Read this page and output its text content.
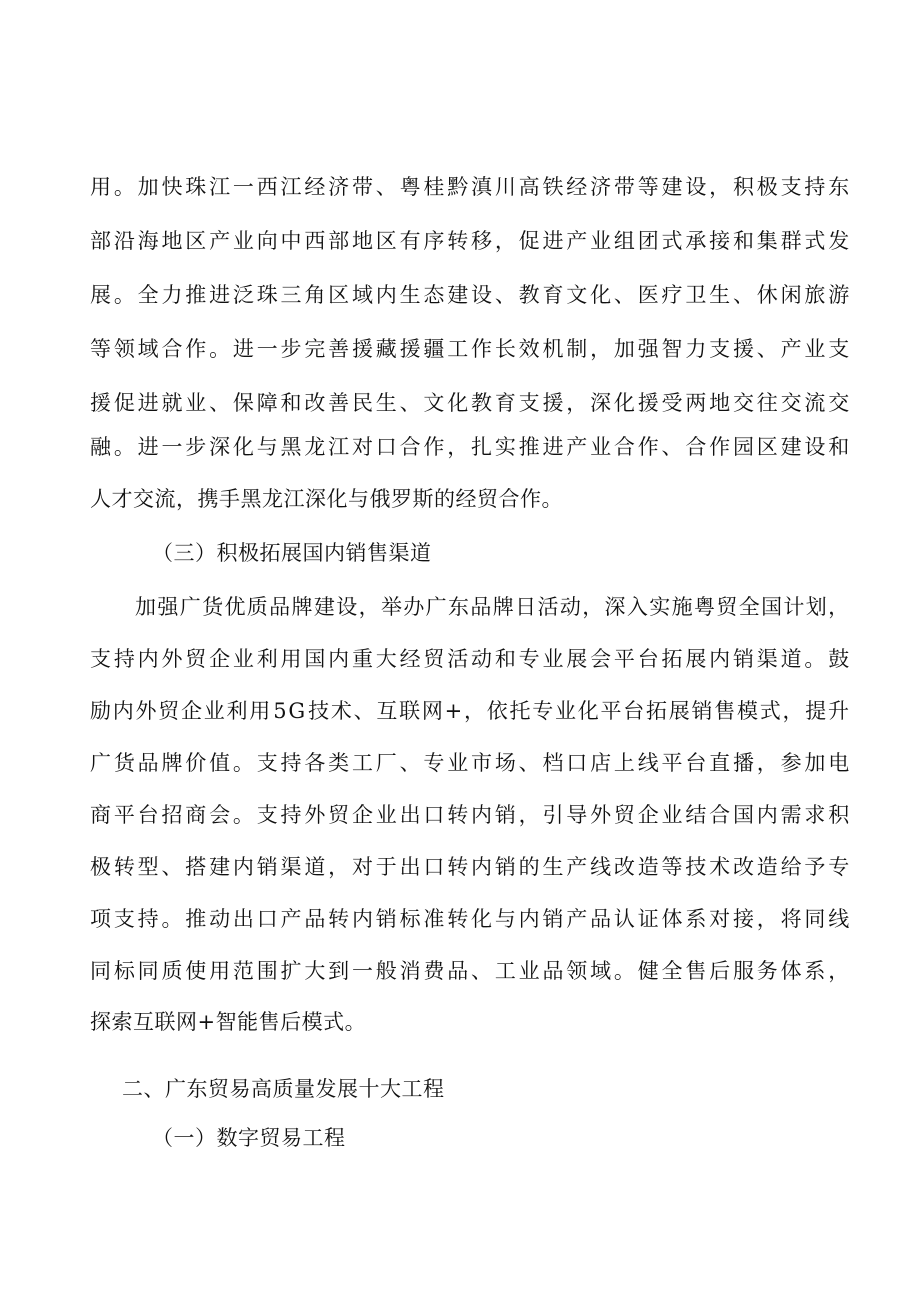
用 。 加 快 珠 江 一 西 江 经 济 带 、 粤 桂 黔 滇 川 高 铁 经 济 带 等 建 设 ， 积 极 支 持 东
部 沿 海 地 区 产 业 向 中 西 部 地 区 有 序 转 移 ， 促 进 产 业 组 团 式 承 接 和 集 群 式 发
展 。 全 力 推 进 泛 珠 三 角 区 域 内 生 态 建 设 、 教 育 文 化 、 医 疗 卫 生 、 休 闲 旅 游
等 领 域 合 作 。 进 一 步 完 善 援 藏 援 疆 工 作 长 效 机 制 ， 加 强 智 力 支 援 、 产 业 支
援 促 进 就 业 、 保 障 和 改 善 民 生 、 文 化 教 育 支 援 ， 深 化 援 受 两 地 交 往 交 流 交
融 。 进 一 步 深 化 与 黑 龙 江 对 口 合 作 ， 扎 实 推 进 产 业 合 作 、 合 作 园 区 建 设 和
人才交流，携手黑龙江深化与俄罗斯的经贸合作。
（三）积极拓展国内销售渠道
加 强 广 货 优 质 品 牌 建 设 ， 举 办 广 东 品 牌 日 活 动 ， 深 入 实 施 粤 贸 全 国 计 划 ，
支 持 内 外 贸 企 业 利 用 国 内 重 大 经 贸 活 动 和 专 业 展 会 平 台 拓 展 内 销 渠 道 。 鼓
励 内 外 贸 企 业 利 用 5 G 技 术 、 互 联 网 + ， 依 托 专 业 化 平 台 拓 展 销 售 模 式 ， 提 升
广 货 品 牌 价 值 。 支 持 各 类 工 厂 、 专 业 市 场 、 档 口 店 上 线 平 台 直 播 ， 参 加 电
商 平 台 招 商 会 。 支 持 外 贸 企 业 出 口 转 内 销 ， 引 导 外 贸 企 业 结 合 国 内 需 求 积
极 转 型 、 搭 建 内 销 渠 道 ， 对 于 出 口 转 内 销 的 生 产 线 改 造 等 技 术 改 造 给 予 专
项 支 持 。 推 动 出 口 产 品 转 内 销 标 准 转 化 与 内 销 产 品 认 证 体 系 对 接 ， 将 同 线
同 标 同 质 使 用 范 围 扩 大 到 一 般 消 费 品 、 工 业 品 领 域 。 健 全 售 后 服 务 体 系 ，
探索互联网+智能售后模式。
二、广东贸易高质量发展十大工程
（一）数字贸易工程
